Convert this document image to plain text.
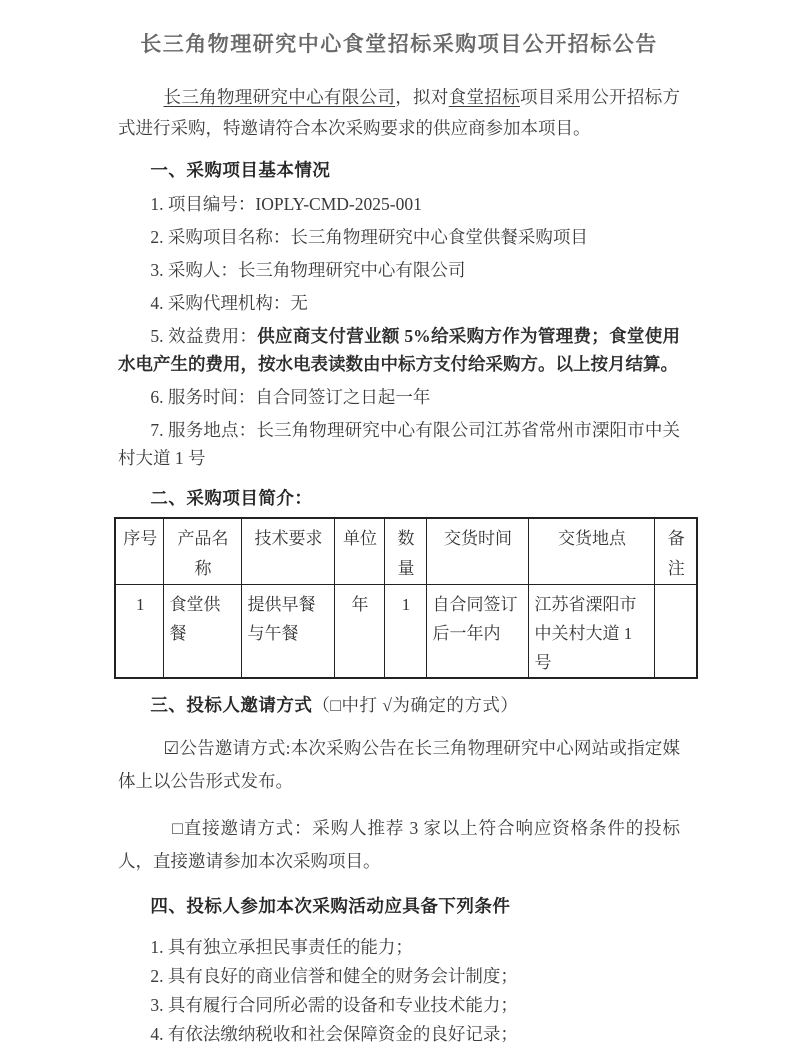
长三角物理研究中心食堂招标采购项目公开招标公告

长三角物理研究中心有限公司，拟对食堂招标项目采用公开招标方式进行采购，特邀请符合本次采购要求的供应商参加本项目。

一、采购项目基本情况

1. 项目编号：IOPLY-CMD-2025-001

2. 采购项目名称：长三角物理研究中心食堂供餐采购项目

3. 采购人：长三角物理研究中心有限公司

4. 采购代理机构：无

5. 效益费用：供应商支付营业额 5%给采购方作为管理费；食堂使用水电产生的费用，按水电表读数由中标方支付给采购方。以上按月结算。

6. 服务时间：自合同签订之日起一年

7. 服务地点：长三角物理研究中心有限公司江苏省常州市溧阳市中关村大道 1 号

二、采购项目简介：
序号	产品名称	技术要求	单位	数量	交货时间	交货地点	备注
1	食堂供餐	提供早餐与午餐	年	1	自合同签订后一年内	江苏省溧阳市中关村大道 1 号	
三、投标人邀请方式（□中打 √为确定的方式）

☑公告邀请方式:本次采购公告在长三角物理研究中心网站或指定媒体上以公告形式发布。

□直接邀请方式：采购人推荐 3 家以上符合响应资格条件的投标人，直接邀请参加本次采购项目。

四、投标人参加本次采购活动应具备下列条件

1. 具有独立承担民事责任的能力；

2. 具有良好的商业信誉和健全的财务会计制度；

3. 具有履行合同所必需的设备和专业技术能力；

4. 有依法缴纳税收和社会保障资金的良好记录；
